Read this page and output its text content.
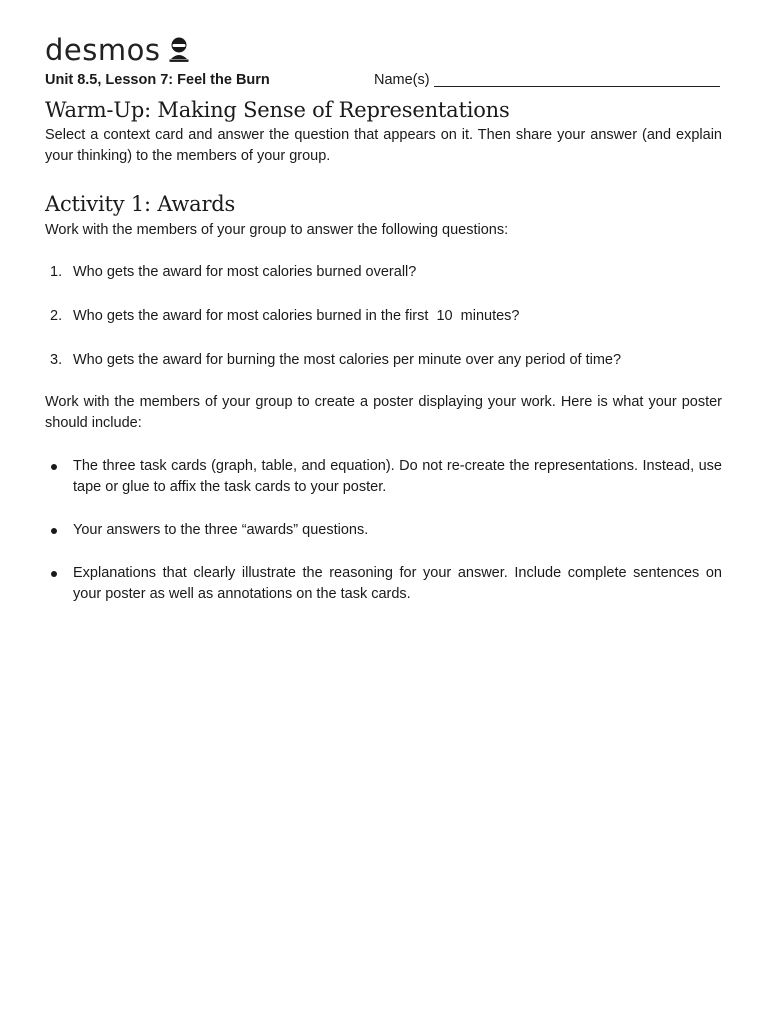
desmos
Unit 8.5, Lesson 7: Feel the Burn	Name(s)
Warm-Up: Making Sense of Representations

Select a context card and answer the question that appears on it. Then share your answer (and explain your thinking) to the members of your group.

Activity 1: Awards

Work with the members of your group to answer the following questions:

1. Who gets the award for most calories burned overall?
2. Who gets the award for most calories burned in the first  10  minutes?
3. Who gets the award for burning the most calories per minute over any period of time?

Work with the members of your group to create a poster displaying your work. Here is what your poster should include:

The three task cards (graph, table, and equation). Do not re-create the representations. Instead, use tape or glue to affix the task cards to your poster.
Your answers to the three “awards” questions.
Explanations that clearly illustrate the reasoning for your answer. Include complete sentences on your poster as well as annotations on the task cards.
